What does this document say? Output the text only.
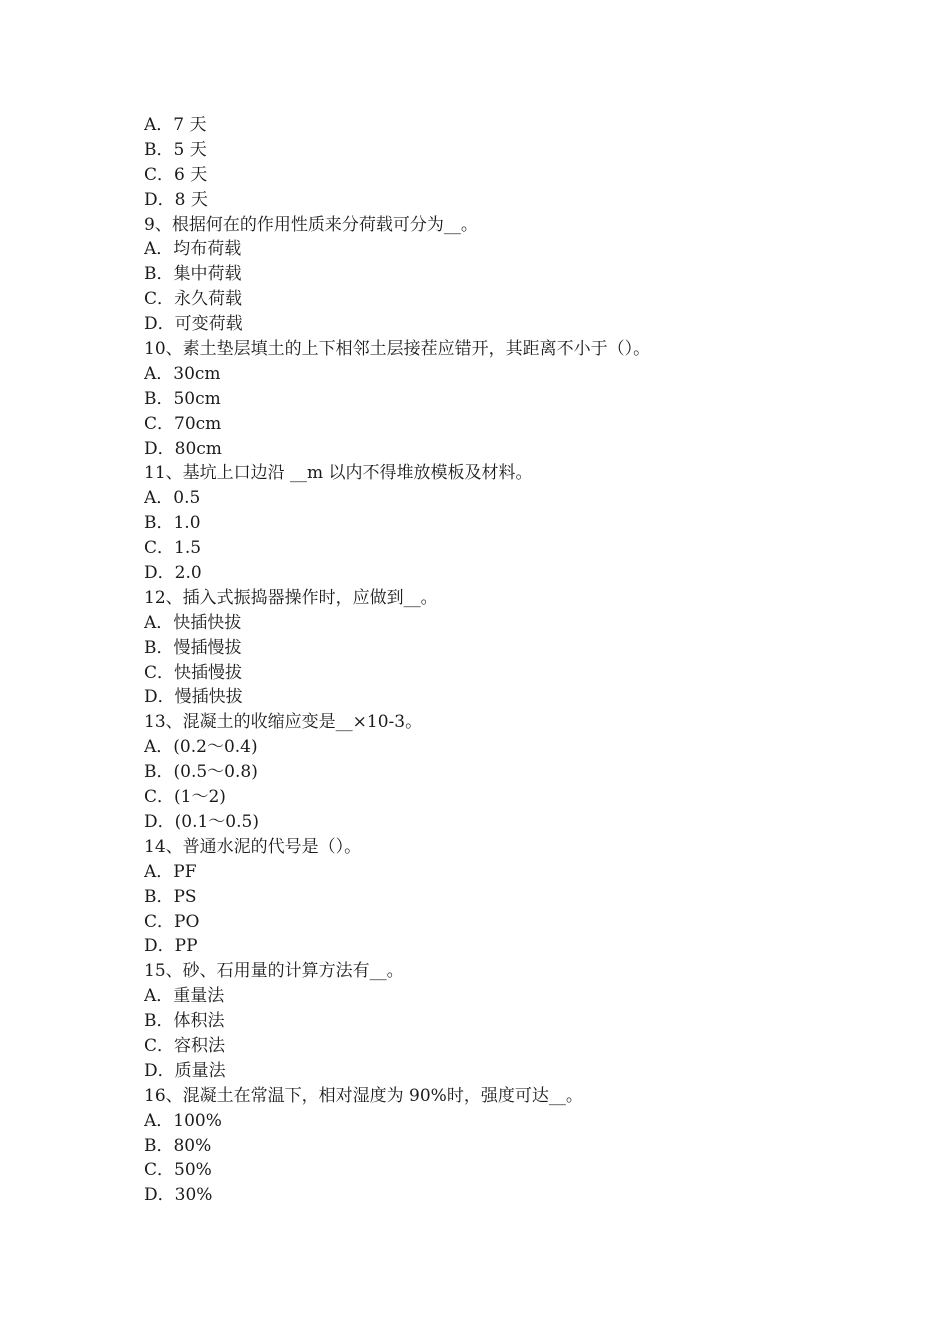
A．7 天
B．5 天
C．6 天
D．8 天
9、根据何在的作用性质来分荷载可分为__。
A．均布荷载
B．集中荷载
C．永久荷载
D．可变荷载
10、素土垫层填土的上下相邻土层接茬应错开，其距离不小于（）。
A．30cm
B．50cm
C．70cm
D．80cm
11、基坑上口边沿 __m 以内不得堆放模板及材料。
A．0.5
B．1.0
C．1.5
D．2.0
12、插入式振捣器操作时，应做到__。
A．快插快拔
B．慢插慢拔
C．快插慢拔
D．慢插快拔
13、混凝土的收缩应变是__×10-3。
A．(0.2～0.4)
B．(0.5～0.8)
C．(1～2)
D．(0.1～0.5)
14、普通水泥的代号是（）。
A．PF
B．PS
C．PO
D．PP
15、砂、石用量的计算方法有__。
A．重量法
B．体积法
C．容积法
D．质量法
16、混凝土在常温下，相对湿度为 90%时，强度可达__。
A．100%
B．80%
C．50%
D．30%
